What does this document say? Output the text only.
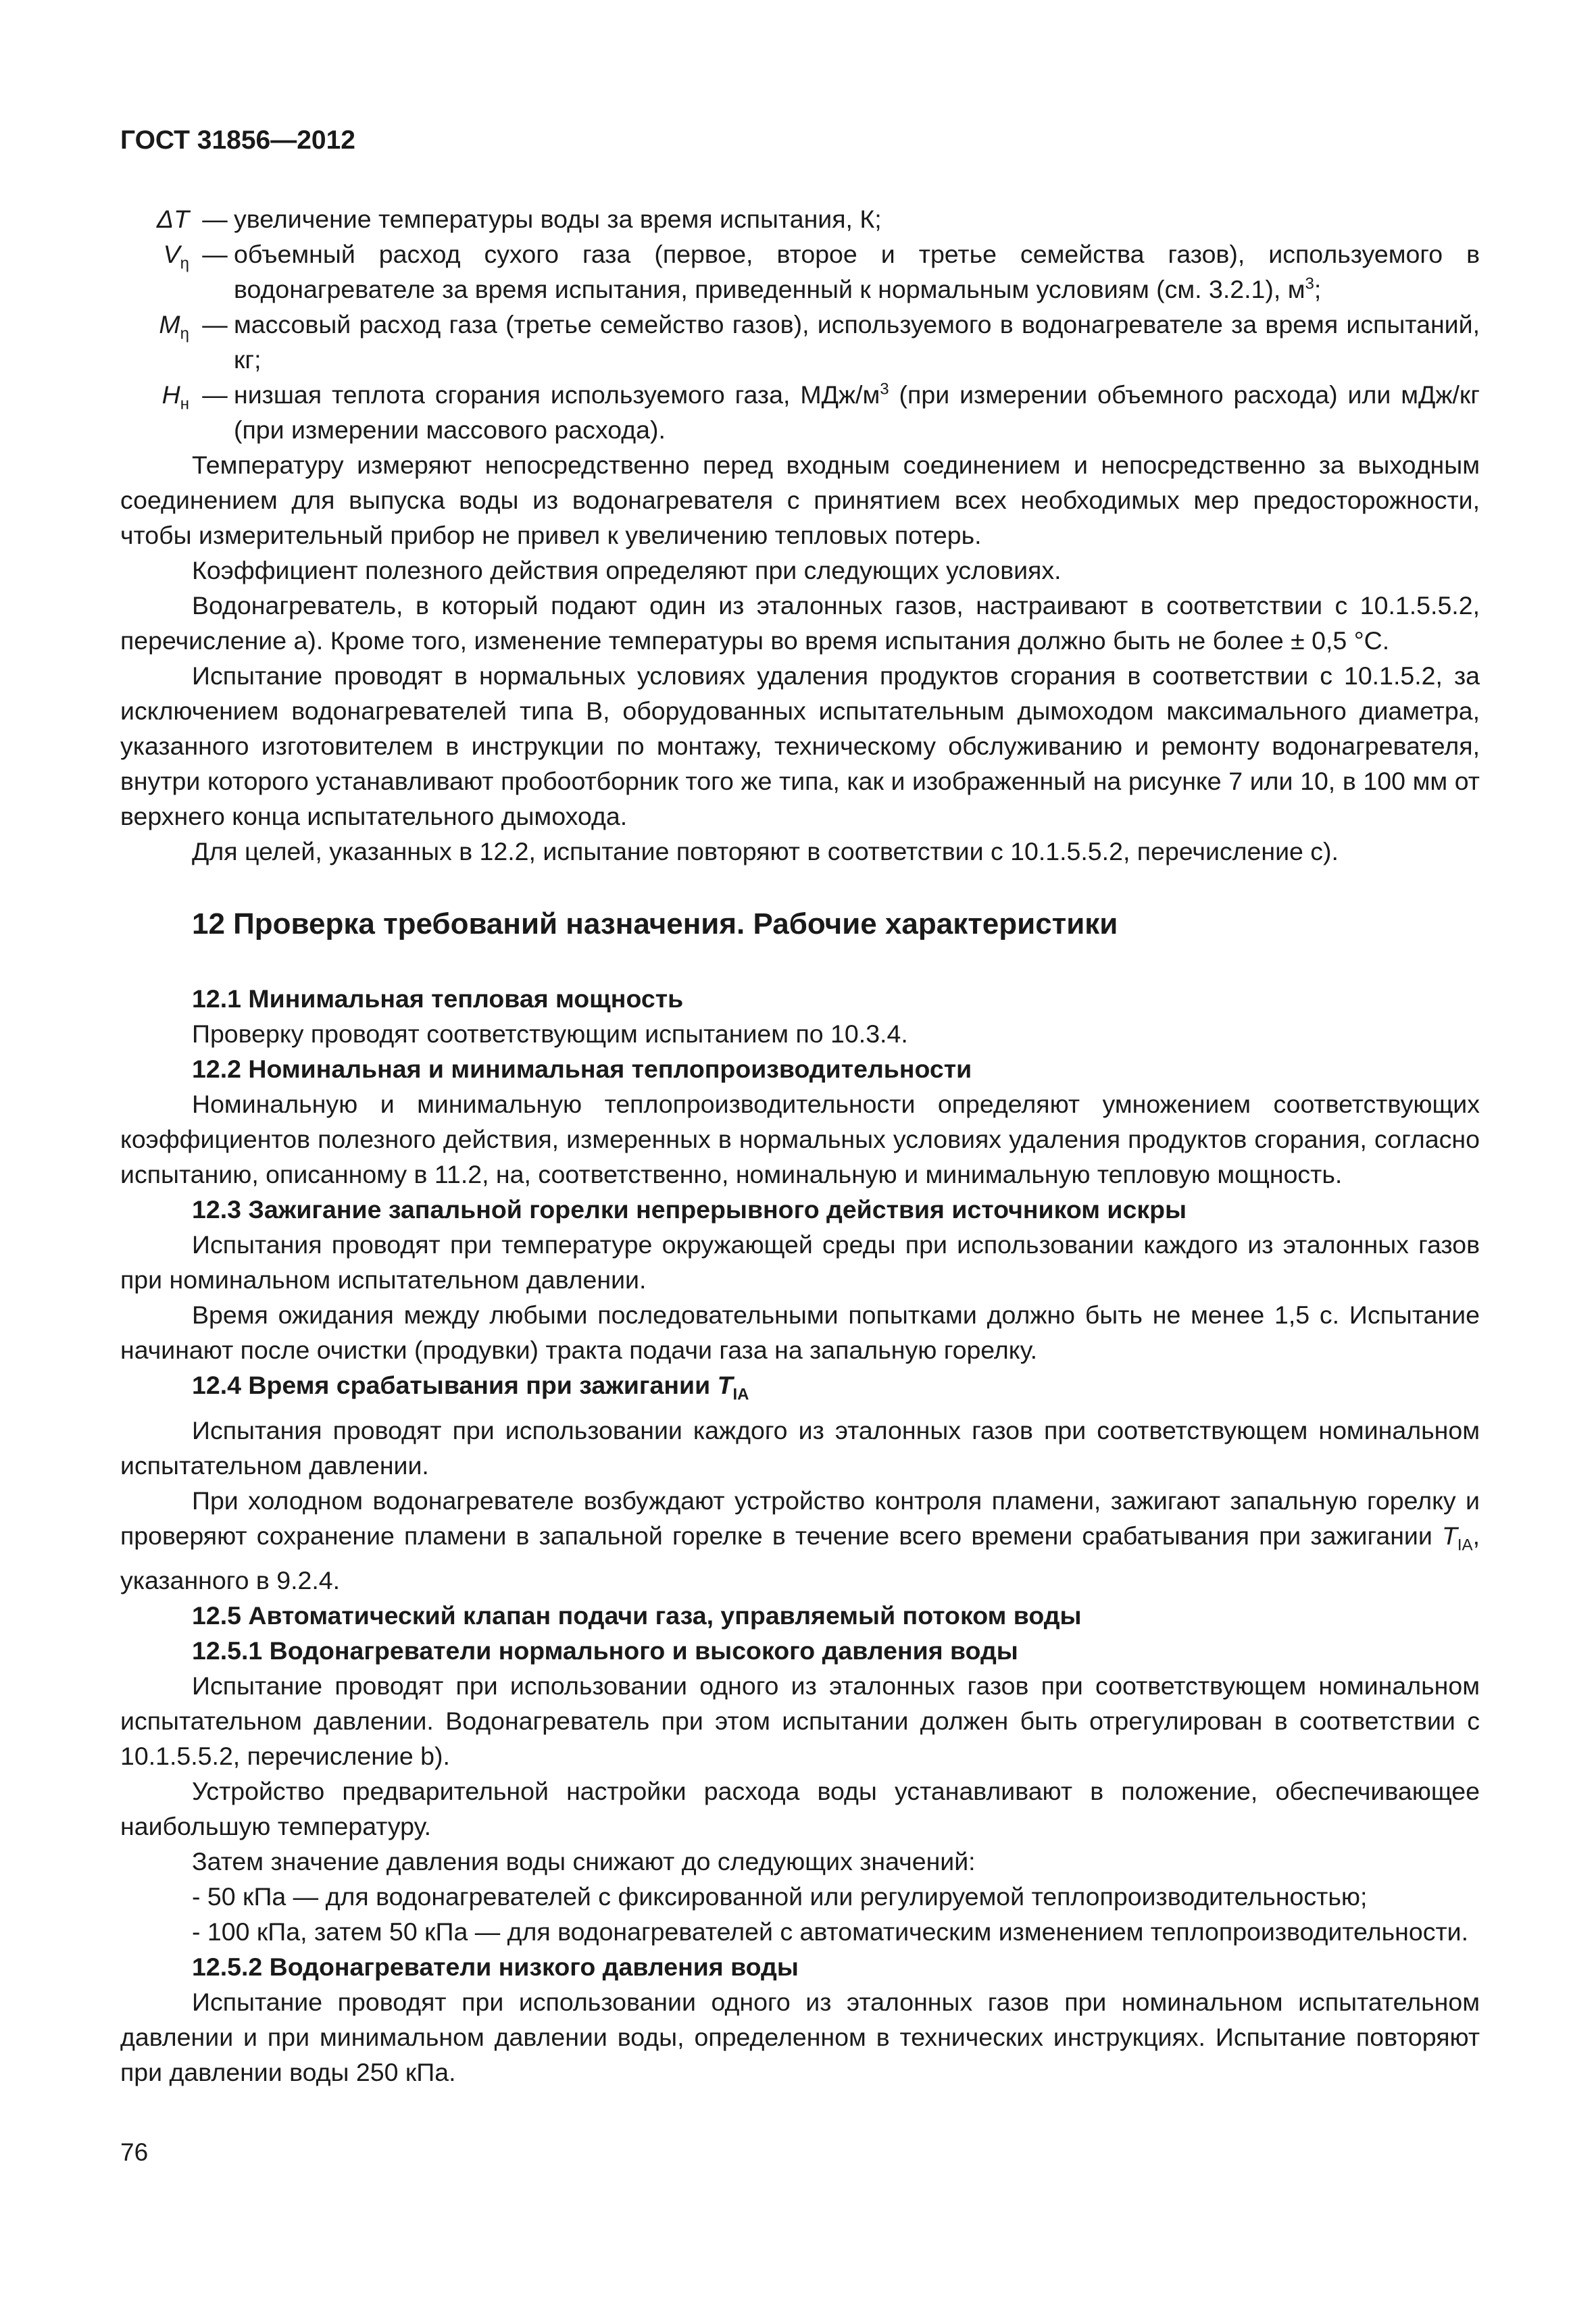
ГОСТ 31856—2012
ΔT — увеличение температуры воды за время испытания, К;
$V_\eta$ — объемный расход сухого газа (первое, второе и третье семейства газов), используемого в водонагревателе за время испытания, приведенный к нормальным условиям (см. 3.2.1), $м^3$;
$M_\eta$ — массовый расход газа (третье семейство газов), используемого в водонагревателе за время испытаний, кг;
$H_н$ — низшая теплота сгорания используемого газа, МДж/$м^3$ (при измерении объемного расхода) или мДж/кг (при измерении массового расхода).

Температуру измеряют непосредственно перед входным соединением и непосредственно за выходным соединением для выпуска воды из водонагревателя с принятием всех необходимых мер предосторожности, чтобы измерительный прибор не привел к увеличению тепловых потерь.

Коэффициент полезного действия определяют при следующих условиях.

Водонагреватель, в который подают один из эталонных газов, настраивают в соответствии с 10.1.5.5.2, перечисление а). Кроме того, изменение температуры во время испытания должно быть не более ± 0,5 °С.

Испытание проводят в нормальных условиях удаления продуктов сгорания в соответствии с 10.1.5.2, за исключением водонагревателей типа В, оборудованных испытательным дымоходом максимального диаметра, указанного изготовителем в инструкции по монтажу, техническому обслуживанию и ремонту водонагревателя, внутри которого устанавливают пробоотборник того же типа, как и изображенный на рисунке 7 или 10, в 100 мм от верхнего конца испытательного дымохода.

Для целей, указанных в 12.2, испытание повторяют в соответствии с 10.1.5.5.2, перечисление с).

12 Проверка требований назначения. Рабочие характеристики
12.1 Минимальная тепловая мощность

Проверку проводят соответствующим испытанием по 10.3.4.

12.2 Номинальная и минимальная теплопроизводительности

Номинальную и минимальную теплопроизводительности определяют умножением соответствующих коэффициентов полезного действия, измеренных в нормальных условиях удаления продуктов сгорания, согласно испытанию, описанному в 11.2, на, соответственно, номинальную и минимальную тепловую мощность.

12.3 Зажигание запальной горелки непрерывного действия источником искры

Испытания проводят при температуре окружающей среды при использовании каждого из эталонных газов при номинальном испытательном давлении.

Время ожидания между любыми последовательными попытками должно быть не менее 1,5 с. Испытание начинают после очистки (продувки) тракта подачи газа на запальную горелку.

12.4 Время срабатывания при зажигании $T_{IA}$

Испытания проводят при использовании каждого из эталонных газов при соответствующем номинальном испытательном давлении.

При холодном водонагревателе возбуждают устройство контроля пламени, зажигают запальную горелку и проверяют сохранение пламени в запальной горелке в течение всего времени срабатывания при зажигании $T_{IA}$, указанного в 9.2.4.

12.5 Автоматический клапан подачи газа, управляемый потоком воды
12.5.1 Водонагреватели нормального и высокого давления воды

Испытание проводят при использовании одного из эталонных газов при соответствующем номинальном испытательном давлении. Водонагреватель при этом испытании должен быть отрегулирован в соответствии с 10.1.5.5.2, перечисление b).

Устройство предварительной настройки расхода воды устанавливают в положение, обеспечивающее наибольшую температуру.

Затем значение давления воды снижают до следующих значений:

- 50 кПа — для водонагревателей с фиксированной или регулируемой теплопроизводительностью;

- 100 кПа, затем 50 кПа — для водонагревателей с автоматическим изменением теплопроизводительности.

12.5.2 Водонагреватели низкого давления воды

Испытание проводят при использовании одного из эталонных газов при номинальном испытательном давлении и при минимальном давлении воды, определенном в технических инструкциях. Испытание повторяют при давлении воды 250 кПа.

76
